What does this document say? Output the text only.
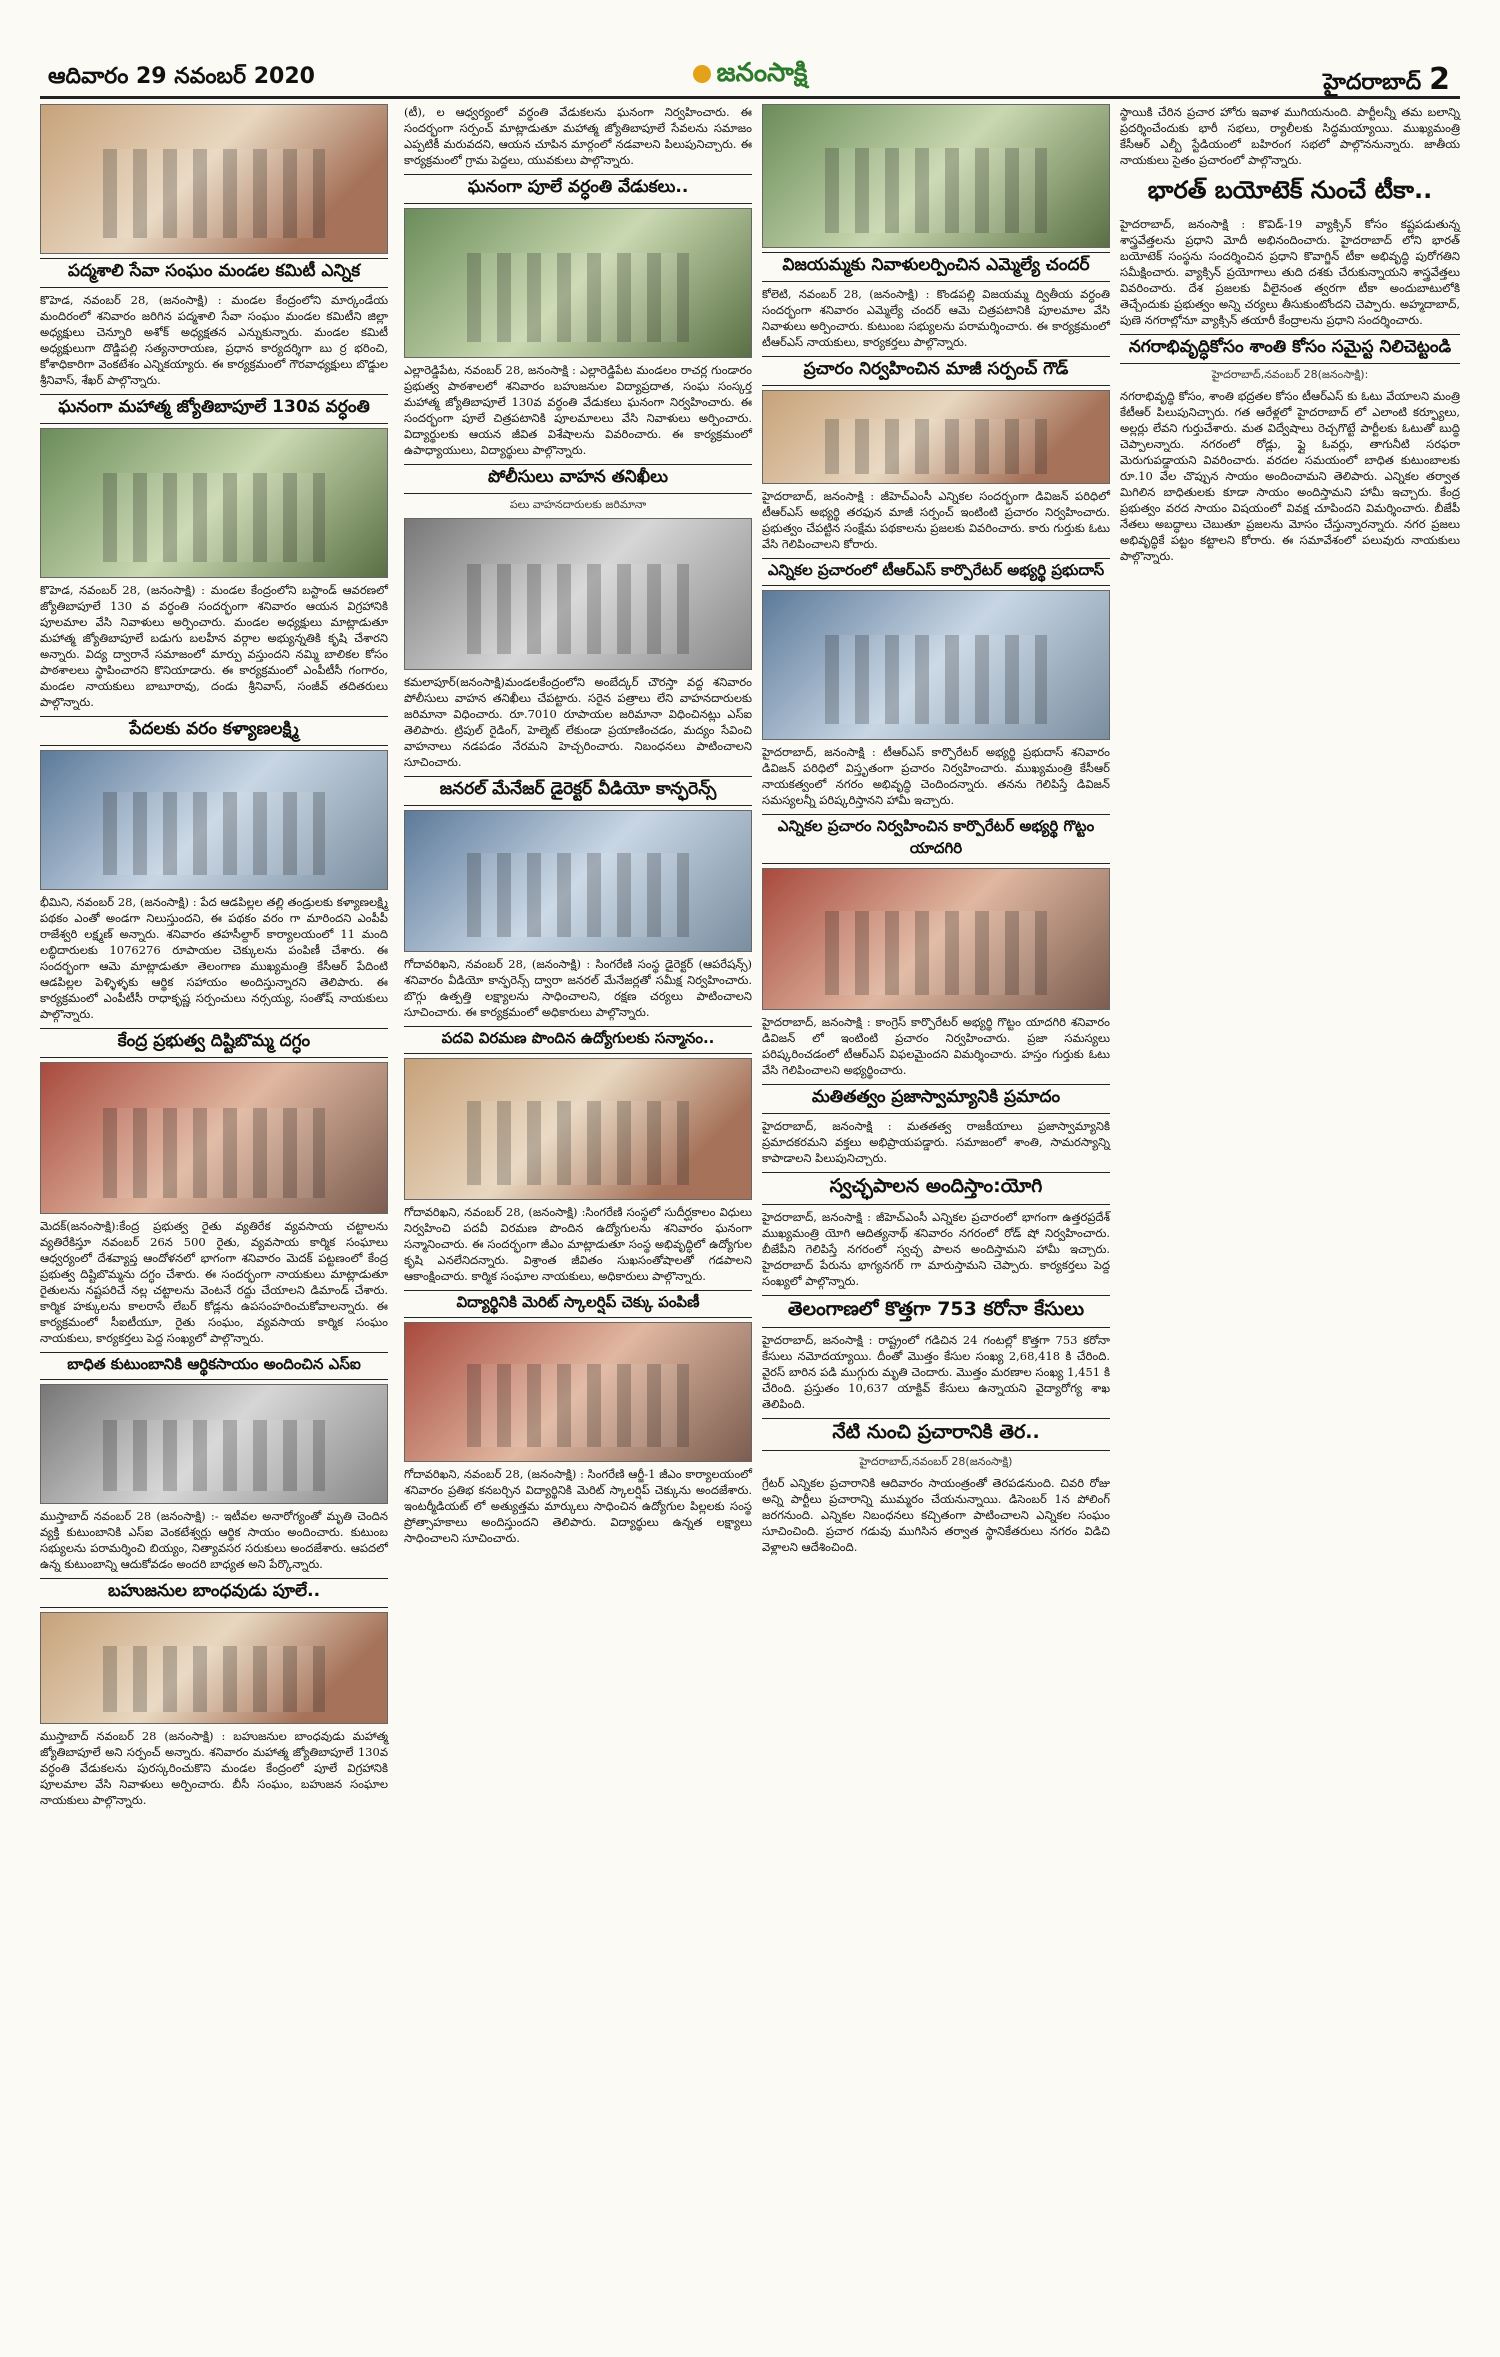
ఆదివారం 29 నవంబర్ 2020	జనంసాక్షి	హైదరాబాద్ 2
పద్మశాలి సేవా సంఘం మండల కమిటీ ఎన్నిక

కొహెడ, నవంబర్ 28, (జనంసాక్షి) : మండల కేంద్రంలోని మార్కండేయ మందిరంలో శనివారం జరిగిన పద్మశాలి సేవా సంఘం మండల కమిటీని జిల్లా అధ్యక్షులు చెన్నూరి అశోక్ అధ్యక్షతన ఎన్నుకున్నారు. మండల కమిటీ అధ్యక్షులుగా దొడ్డిపల్లి సత్యనారాయణ, ప్రధాన కార్యదర్శిగా బు ర్ర భరించి, కోశాధికారిగా వెంకటేశం ఎన్నికయ్యారు. ఈ కార్యక్రమంలో గౌరవాధ్యక్షులు బొడ్డుల శ్రీనివాస్, శేఖర్ పాల్గొన్నారు.

ఘనంగా మహాత్మ జ్యోతిబాపూలే 130వ వర్ధంతి

కొహెడ, నవంబర్ 28, (జనంసాక్షి) : మండల కేంద్రంలోని బస్టాండ్ ఆవరణలో జ్యోతిబాపూలే 130 వ వర్ధంతి సందర్భంగా శనివారం ఆయన విగ్రహానికి పూలమాల వేసి నివాళులు అర్పించారు. మండల అధ్యక్షులు మాట్లాడుతూ మహాత్మ జ్యోతిబాపూలే బడుగు బలహీన వర్గాల అభ్యున్నతికి కృషి చేశారని అన్నారు. విద్య ద్వారానే సమాజంలో మార్పు వస్తుందని నమ్మి బాలికల కోసం పాఠశాలలు స్థాపించారని కొనియాడారు. ఈ కార్యక్రమంలో ఎంపీటీసీ గంగారం, మండల నాయకులు బాబూరావు, దండు శ్రీనివాస్, సంజీవ్ తదితరులు పాల్గొన్నారు.

పేదలకు వరం కళ్యాణలక్ష్మి

భీమిని, నవంబర్ 28, (జనంసాక్షి) : పేద ఆడపిల్లల తల్లి తండ్రులకు కళ్యాణలక్ష్మి పథకం ఎంతో అండగా నిలుస్తుందని, ఈ పథకం వరం గా మారిందని ఎంపీపీ రాజేశ్వరి లక్ష్మణ్ అన్నారు. శనివారం తహసీల్దార్ కార్యాలయంలో 11 మంది లబ్ధిదారులకు 1076276 రూపాయల చెక్కులను పంపిణీ చేశారు. ఈ సందర్భంగా ఆమె మాట్లాడుతూ తెలంగాణ ముఖ్యమంత్రి కేసీఆర్ పేదింటి ఆడపిల్లల పెళ్ళిళ్ళకు ఆర్థిక సహాయం అందిస్తున్నారని తెలిపారు. ఈ కార్యక్రమంలో ఎంపీటీసీ రాధాకృష్ణ సర్పంచులు నర్సయ్య, సంతోష్ నాయకులు పాల్గొన్నారు.

కేంద్ర ప్రభుత్వ దిష్టిబొమ్మ దగ్ధం

మెదక్(జనంసాక్షి):కేంద్ర ప్రభుత్వ రైతు వ్యతిరేక వ్యవసాయ చట్టాలను వ్యతిరేకిస్తూ నవంబర్ 26న 500 రైతు, వ్యవసాయ కార్మిక సంఘాలు ఆధ్వర్యంలో దేశవ్యాప్త ఆందోళనలో భాగంగా శనివారం మెదక్ పట్టణంలో కేంద్ర ప్రభుత్వ దిష్టిబొమ్మను దగ్ధం చేశారు. ఈ సందర్భంగా నాయకులు మాట్లాడుతూ రైతులను నష్టపరిచే నల్ల చట్టాలను వెంటనే రద్దు చేయాలని డిమాండ్ చేశారు. కార్మిక హక్కులను కాలరాసే లేబర్ కోడ్లను ఉపసంహరించుకోవాలన్నారు. ఈ కార్యక్రమంలో సీఐటీయూ, రైతు సంఘం, వ్యవసాయ కార్మిక సంఘం నాయకులు, కార్యకర్తలు పెద్ద సంఖ్యలో పాల్గొన్నారు.

బాధిత కుటుంబానికి ఆర్థికసాయం అందించిన ఎస్ఐ

ముస్తాబాద్ నవంబర్ 28 (జనంసాక్షి) :- ఇటీవల అనారోగ్యంతో మృతి చెందిన వ్యక్తి కుటుంబానికి ఎస్ఐ వెంకటేశ్వర్లు ఆర్థిక సాయం అందించారు. కుటుంబ సభ్యులను పరామర్శించి బియ్యం, నిత్యావసర సరుకులు అందజేశారు. ఆపదలో ఉన్న కుటుంబాన్ని ఆదుకోవడం అందరి బాధ్యత అని పేర్కొన్నారు.

బహుజనుల బాంధవుడు పూలే..

ముస్తాబాద్ నవంబర్ 28 (జనంసాక్షి) : బహుజనుల బాంధవుడు మహాత్మ జ్యోతిబాపూలే అని సర్పంచ్ అన్నారు. శనివారం మహాత్మ జ్యోతిబాపూలే 130వ వర్ధంతి వేడుకలను పురస్కరించుకొని మండల కేంద్రంలో పూలే విగ్రహానికి పూలమాల వేసి నివాళులు అర్పించారు. బీసీ సంఘం, బహుజన సంఘాల నాయకులు పాల్గొన్నారు.

(టీ), ల ఆధ్వర్యంలో వర్ధంతి వేడుకలను ఘనంగా నిర్వహించారు. ఈ సందర్భంగా సర్పంచ్ మాట్లాడుతూ మహాత్మ జ్యోతిబాపూలే సేవలను సమాజం ఎప్పటికీ మరువదని, ఆయన చూపిన మార్గంలో నడవాలని పిలుపునిచ్చారు. ఈ కార్యక్రమంలో గ్రామ పెద్దలు, యువకులు పాల్గొన్నారు.

ఘనంగా పూలే వర్ధంతి వేడుకలు..

ఎల్లారెడ్డిపేట, నవంబర్ 28, జనంసాక్షి : ఎల్లారెడ్డిపేట మండలం రాచర్ల గుండారం ప్రభుత్వ పాఠశాలలో శనివారం బహుజనుల విద్యాప్రదాత, సంఘ సంస్కర్త మహాత్మ జ్యోతిబాపూలే 130వ వర్ధంతి వేడుకలు ఘనంగా నిర్వహించారు. ఈ సందర్భంగా పూలే చిత్రపటానికి పూలమాలలు వేసి నివాళులు అర్పించారు. విద్యార్థులకు ఆయన జీవిత విశేషాలను వివరించారు. ఈ కార్యక్రమంలో ఉపాధ్యాయులు, విద్యార్థులు పాల్గొన్నారు.

పోలీసులు వాహన తనిఖీలు
పలు వాహనదారులకు జరిమానా

కమలాపూర్(జనంసాక్షి)మండలకేంద్రంలోని అంబేద్కర్ చౌరస్తా వద్ద శనివారం పోలీసులు వాహన తనిఖీలు చేపట్టారు. సరైన పత్రాలు లేని వాహనదారులకు జరిమానా విధించారు. రూ.7010 రూపాయల జరిమానా విధించినట్లు ఎస్ఐ తెలిపారు. ట్రిపుల్ రైడింగ్, హెల్మెట్ లేకుండా ప్రయాణించడం, మద్యం సేవించి వాహనాలు నడపడం నేరమని హెచ్చరించారు. నిబంధనలు పాటించాలని సూచించారు.

జనరల్ మేనేజర్ డైరెక్టర్ వీడియో కాన్ఫరెన్స్

గోదావరిఖని, నవంబర్ 28, (జనంసాక్షి) : సింగరేణి సంస్థ డైరెక్టర్ (ఆపరేషన్స్) శనివారం వీడియో కాన్ఫరెన్స్ ద్వారా జనరల్ మేనేజర్లతో సమీక్ష నిర్వహించారు. బొగ్గు ఉత్పత్తి లక్ష్యాలను సాధించాలని, రక్షణ చర్యలు పాటించాలని సూచించారు. ఈ కార్యక్రమంలో అధికారులు పాల్గొన్నారు.

పదవి విరమణ పొందిన ఉద్యోగులకు సన్మానం..

గోదావరిఖని, నవంబర్ 28, (జనంసాక్షి) :సింగరేణి సంస్థలో సుదీర్ఘకాలం విధులు నిర్వహించి పదవీ విరమణ పొందిన ఉద్యోగులను శనివారం ఘనంగా సన్మానించారు. ఈ సందర్భంగా జీఎం మాట్లాడుతూ సంస్థ అభివృద్ధిలో ఉద్యోగుల కృషి ఎనలేనిదన్నారు. విశ్రాంత జీవితం సుఖసంతోషాలతో గడపాలని ఆకాంక్షించారు. కార్మిక సంఘాల నాయకులు, అధికారులు పాల్గొన్నారు.

విద్యార్థినికి మెరిట్ స్కాలర్షిప్ చెక్కు పంపిణీ

గోదావరిఖని, నవంబర్ 28, (జనంసాక్షి) : సింగరేణి ఆర్జీ-1 జీఎం కార్యాలయంలో శనివారం ప్రతిభ కనబర్చిన విద్యార్థినికి మెరిట్ స్కాలర్షిప్ చెక్కును అందజేశారు. ఇంటర్మీడియట్ లో అత్యుత్తమ మార్కులు సాధించిన ఉద్యోగుల పిల్లలకు సంస్థ ప్రోత్సాహకాలు అందిస్తుందని తెలిపారు. విద్యార్థులు ఉన్నత లక్ష్యాలు సాధించాలని సూచించారు.

విజయమ్మకు నివాళులర్పించిన ఎమ్మెల్యే చందర్

కోలెటి, నవంబర్ 28, (జనంసాక్షి) : కొండపల్లి విజయమ్మ ద్వితీయ వర్ధంతి సందర్భంగా శనివారం ఎమ్మెల్యే చందర్ ఆమె చిత్రపటానికి పూలమాల వేసి నివాళులు అర్పించారు. కుటుంబ సభ్యులను పరామర్శించారు. ఈ కార్యక్రమంలో టీఆర్ఎస్ నాయకులు, కార్యకర్తలు పాల్గొన్నారు.

ప్రచారం నిర్వహించిన మాజీ సర్పంచ్ గౌడ్

హైదరాబాద్, జనంసాక్షి : జీహెచ్ఎంసీ ఎన్నికల సందర్భంగా డివిజన్ పరిధిలో టీఆర్ఎస్ అభ్యర్థి తరఫున మాజీ సర్పంచ్ ఇంటింటి ప్రచారం నిర్వహించారు. ప్రభుత్వం చేపట్టిన సంక్షేమ పథకాలను ప్రజలకు వివరించారు. కారు గుర్తుకు ఓటు వేసి గెలిపించాలని కోరారు.

ఎన్నికల ప్రచారంలో టీఆర్ఎస్ కార్పొరేటర్ అభ్యర్థి ప్రభుదాస్

హైదరాబాద్, జనంసాక్షి : టీఆర్ఎస్ కార్పొరేటర్ అభ్యర్థి ప్రభుదాస్ శనివారం డివిజన్ పరిధిలో విస్తృతంగా ప్రచారం నిర్వహించారు. ముఖ్యమంత్రి కేసీఆర్ నాయకత్వంలో నగరం అభివృద్ధి చెందిందన్నారు. తనను గెలిపిస్తే డివిజన్ సమస్యలన్నీ పరిష్కరిస్తానని హామీ ఇచ్చారు.

ఎన్నికల ప్రచారం నిర్వహించిన కార్పొరేటర్ అభ్యర్థి గొట్టం యాదగిరి

హైదరాబాద్, జనంసాక్షి : కాంగ్రెస్ కార్పొరేటర్ అభ్యర్థి గొట్టం యాదగిరి శనివారం డివిజన్ లో ఇంటింటి ప్రచారం నిర్వహించారు. ప్రజా సమస్యలు పరిష్కరించడంలో టీఆర్ఎస్ విఫలమైందని విమర్శించారు. హస్తం గుర్తుకు ఓటు వేసి గెలిపించాలని అభ్యర్థించారు.

మతితత్వం ప్రజాస్వామ్యానికి ప్రమాదం

హైదరాబాద్, జనంసాక్షి : మతతత్వ రాజకీయాలు ప్రజాస్వామ్యానికి ప్రమాదకరమని వక్తలు అభిప్రాయపడ్డారు. సమాజంలో శాంతి, సామరస్యాన్ని కాపాడాలని పిలుపునిచ్చారు.

స్వచ్ఛపాలన అందిస్తాం:యోగి

హైదరాబాద్, జనంసాక్షి : జీహెచ్ఎంసీ ఎన్నికల ప్రచారంలో భాగంగా ఉత్తరప్రదేశ్ ముఖ్యమంత్రి యోగి ఆదిత్యనాథ్ శనివారం నగరంలో రోడ్ షో నిర్వహించారు. బీజేపీని గెలిపిస్తే నగరంలో స్వచ్ఛ పాలన అందిస్తామని హామీ ఇచ్చారు. హైదరాబాద్ పేరును భాగ్యనగర్ గా మారుస్తామని చెప్పారు. కార్యకర్తలు పెద్ద సంఖ్యలో పాల్గొన్నారు.

తెలంగాణలో కొత్తగా 753 కరోనా కేసులు

హైదరాబాద్, జనంసాక్షి : రాష్ట్రంలో గడిచిన 24 గంటల్లో కొత్తగా 753 కరోనా కేసులు నమోదయ్యాయి. దీంతో మొత్తం కేసుల సంఖ్య 2,68,418 కి చేరింది. వైరస్ బారిన పడి ముగ్గురు మృతి చెందారు. మొత్తం మరణాల సంఖ్య 1,451 కి చేరింది. ప్రస్తుతం 10,637 యాక్టివ్ కేసులు ఉన్నాయని వైద్యారోగ్య శాఖ తెలిపింది.

నేటి నుంచి ప్రచారానికి తెర..
హైదరాబాద్,నవంబర్ 28(జనంసాక్షి)

గ్రేటర్ ఎన్నికల ప్రచారానికి ఆదివారం సాయంత్రంతో తెరపడనుంది. చివరి రోజు అన్ని పార్టీలు ప్రచారాన్ని ముమ్మరం చేయనున్నాయి. డిసెంబర్ 1న పోలింగ్ జరగనుంది. ఎన్నికల నిబంధనలు కచ్చితంగా పాటించాలని ఎన్నికల సంఘం సూచించింది. ప్రచార గడువు ముగిసిన తర్వాత స్థానికేతరులు నగరం విడిచి వెళ్లాలని ఆదేశించింది.

స్థాయికి చేరిన ప్రచార హోరు ఇవాళ ముగియనుంది. పార్టీలన్నీ తమ బలాన్ని ప్రదర్శించేందుకు భారీ సభలు, ర్యాలీలకు సిద్ధమయ్యాయి. ముఖ్యమంత్రి కేసీఆర్ ఎల్బీ స్టేడియంలో బహిరంగ సభలో పాల్గొననున్నారు. జాతీయ నాయకులు సైతం ప్రచారంలో పాల్గొన్నారు.

భారత్ బయోటెక్ నుంచే టీకా..

హైదరాబాద్, జనంసాక్షి : కొవిడ్-19 వ్యాక్సిన్ కోసం కష్టపడుతున్న శాస్త్రవేత్తలను ప్రధాని మోదీ అభినందించారు. హైదరాబాద్ లోని భారత్ బయోటెక్ సంస్థను సందర్శించిన ప్రధాని కొవాగ్జిన్ టీకా అభివృద్ధి పురోగతిని సమీక్షించారు. వ్యాక్సిన్ ప్రయోగాలు తుది దశకు చేరుకున్నాయని శాస్త్రవేత్తలు వివరించారు. దేశ ప్రజలకు వీలైనంత త్వరగా టీకా అందుబాటులోకి తెచ్చేందుకు ప్రభుత్వం అన్ని చర్యలు తీసుకుంటోందని చెప్పారు. అహ్మదాబాద్, పుణె నగరాల్లోనూ వ్యాక్సిన్ తయారీ కేంద్రాలను ప్రధాని సందర్శించారు.

నగరాభివృద్ధికోసం శాంతి కోసం సమైస్ట నిలిచెట్టండి
హైదరాబాద్,నవంబర్ 28(జనంసాక్షి):

నగరాభివృద్ధి కోసం, శాంతి భద్రతల కోసం టీఆర్ఎస్ కు ఓటు వేయాలని మంత్రి కేటీఆర్ పిలుపునిచ్చారు. గత ఆరేళ్లలో హైదరాబాద్ లో ఎలాంటి కర్ఫ్యూలు, అల్లర్లు లేవని గుర్తుచేశారు. మత విద్వేషాలు రెచ్చగొట్టే పార్టీలకు ఓటుతో బుద్ధి చెప్పాలన్నారు. నగరంలో రోడ్లు, ఫ్లై ఓవర్లు, తాగునీటి సరఫరా మెరుగుపడ్డాయని వివరించారు. వరదల సమయంలో బాధిత కుటుంబాలకు రూ.10 వేల చొప్పున సాయం అందించామని తెలిపారు. ఎన్నికల తర్వాత మిగిలిన బాధితులకు కూడా సాయం అందిస్తామని హామీ ఇచ్చారు. కేంద్ర ప్రభుత్వం వరద సాయం విషయంలో వివక్ష చూపిందని విమర్శించారు. బీజేపీ నేతలు అబద్ధాలు చెబుతూ ప్రజలను మోసం చేస్తున్నారన్నారు. నగర ప్రజలు అభివృద్ధికే పట్టం కట్టాలని కోరారు. ఈ సమావేశంలో పలువురు నాయకులు పాల్గొన్నారు.
